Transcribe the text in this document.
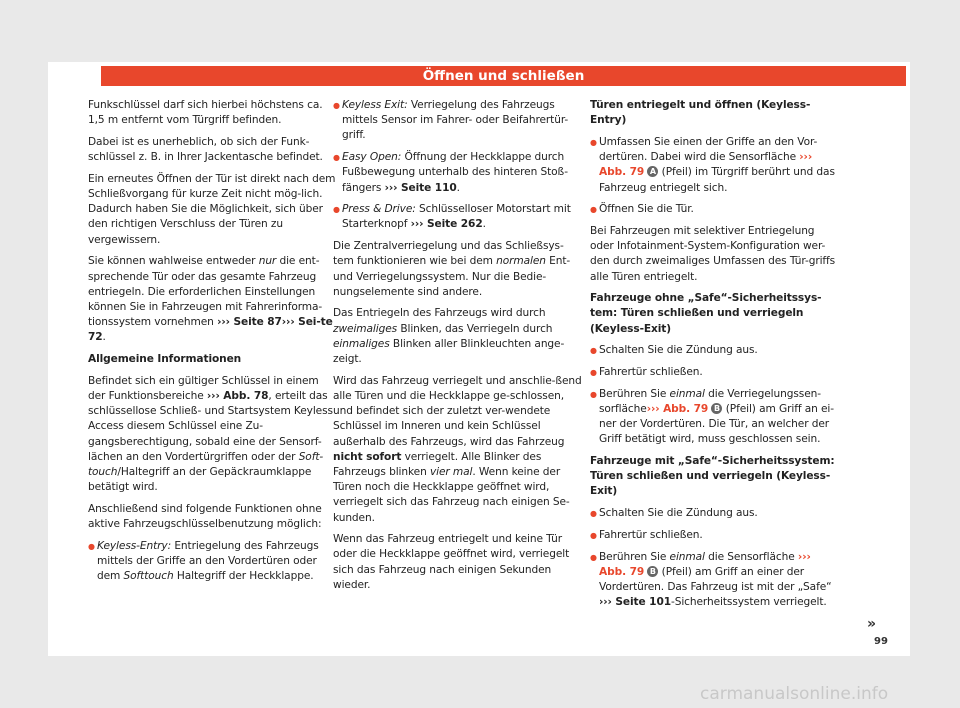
Öffnen und schließen

Funkschlüssel darf sich hierbei höchstens ca. 1,5 m entfernt vom Türgriff befinden.

Dabei ist es unerheblich, ob sich der Funk-schlüssel z. B. in Ihrer Jackentasche befindet.

Ein erneutes Öffnen der Tür ist direkt nach dem Schließvorgang für kurze Zeit nicht mög-lich. Dadurch haben Sie die Möglichkeit, sich über den richtigen Verschluss der Türen zu vergewissern.

Sie können wahlweise entweder nur die ent-sprechende Tür oder das gesamte Fahrzeug entriegeln. Die erforderlichen Einstellungen können Sie in Fahrzeugen mit Fahrerinforma-tionssystem vornehmen ››› Seite 87››› Sei-te 72.

Allgemeine Informationen

Befindet sich ein gültiger Schlüssel in einem der Funktionsbereiche ››› Abb. 78, erteilt das schlüssellose Schließ- und Startsystem Keyless Access diesem Schlüssel eine Zu-gangsberechtigung, sobald eine der Sensorf-lächen an den Vordertürgriffen oder der Soft-touch/Haltegriff an der Gepäckraumklappe betätigt wird.

Anschließend sind folgende Funktionen ohne aktive Fahrzeugschlüsselbenutzung möglich:

● Keyless-Entry: Entriegelung des Fahrzeugs mittels der Griffe an den Vordertüren oder dem Softtouch Haltegriff der Heckklappe.

● Keyless Exit: Verriegelung des Fahrzeugs mittels Sensor im Fahrer- oder Beifahrertür-griff.

● Easy Open: Öffnung der Heckklappe durch Fußbewegung unterhalb des hinteren Stoß-fängers ››› Seite 110.

● Press & Drive: Schlüsselloser Motorstart mit Starterknopf ››› Seite 262.

Die Zentralverriegelung und das Schließsys-tem funktionieren wie bei dem normalen Ent- und Verriegelungssystem. Nur die Bedie-nungselemente sind andere.

Das Entriegeln des Fahrzeugs wird durch zweimaliges Blinken, das Verriegeln durch einmaliges Blinken aller Blinkleuchten ange-zeigt.

Wird das Fahrzeug verriegelt und anschlie-ßend alle Türen und die Heckklappe ge-schlossen, und befindet sich der zuletzt ver-wendete Schlüssel im Inneren und kein Schlüssel außerhalb des Fahrzeugs, wird das Fahrzeug nicht sofort verriegelt. Alle Blinker des Fahrzeugs blinken vier mal. Wenn keine der Türen noch die Heckklappe geöffnet wird, verriegelt sich das Fahrzeug nach einigen Se-kunden.

Wenn das Fahrzeug entriegelt und keine Tür oder die Heckklappe geöffnet wird, verriegelt sich das Fahrzeug nach einigen Sekunden wieder.

Türen entriegelt und öffnen (Keyless-Entry)

● Umfassen Sie einen der Griffe an den Vor-dertüren. Dabei wird die Sensorfläche ››› Abb. 79 A (Pfeil) im Türgriff berührt und das Fahrzeug entriegelt sich.

● Öffnen Sie die Tür.

Bei Fahrzeugen mit selektiver Entriegelung oder Infotainment-System-Konfiguration wer-den durch zweimaliges Umfassen des Tür-griffs alle Türen entriegelt.

Fahrzeuge ohne „Safe“-Sicherheitssys-tem: Türen schließen und verriegeln (Keyless-Exit)

● Schalten Sie die Zündung aus.

● Fahrertür schließen.

● Berühren Sie einmal die Verriegelungssen-sorfläche››› Abb. 79 B (Pfeil) am Griff an ei-ner der Vordertüren. Die Tür, an welcher der Griff betätigt wird, muss geschlossen sein.

Fahrzeuge mit „Safe“-Sicherheitssystem: Türen schließen und verriegeln (Keyless-Exit)

● Schalten Sie die Zündung aus.

● Fahrertür schließen.

● Berühren Sie einmal die Sensorfläche ››› Abb. 79 B (Pfeil) am Griff an einer der Vordertüren. Das Fahrzeug ist mit der „Safe“ ››› Seite 101-Sicherheitssystem verriegelt.

»
99
carmanualsonline.info
